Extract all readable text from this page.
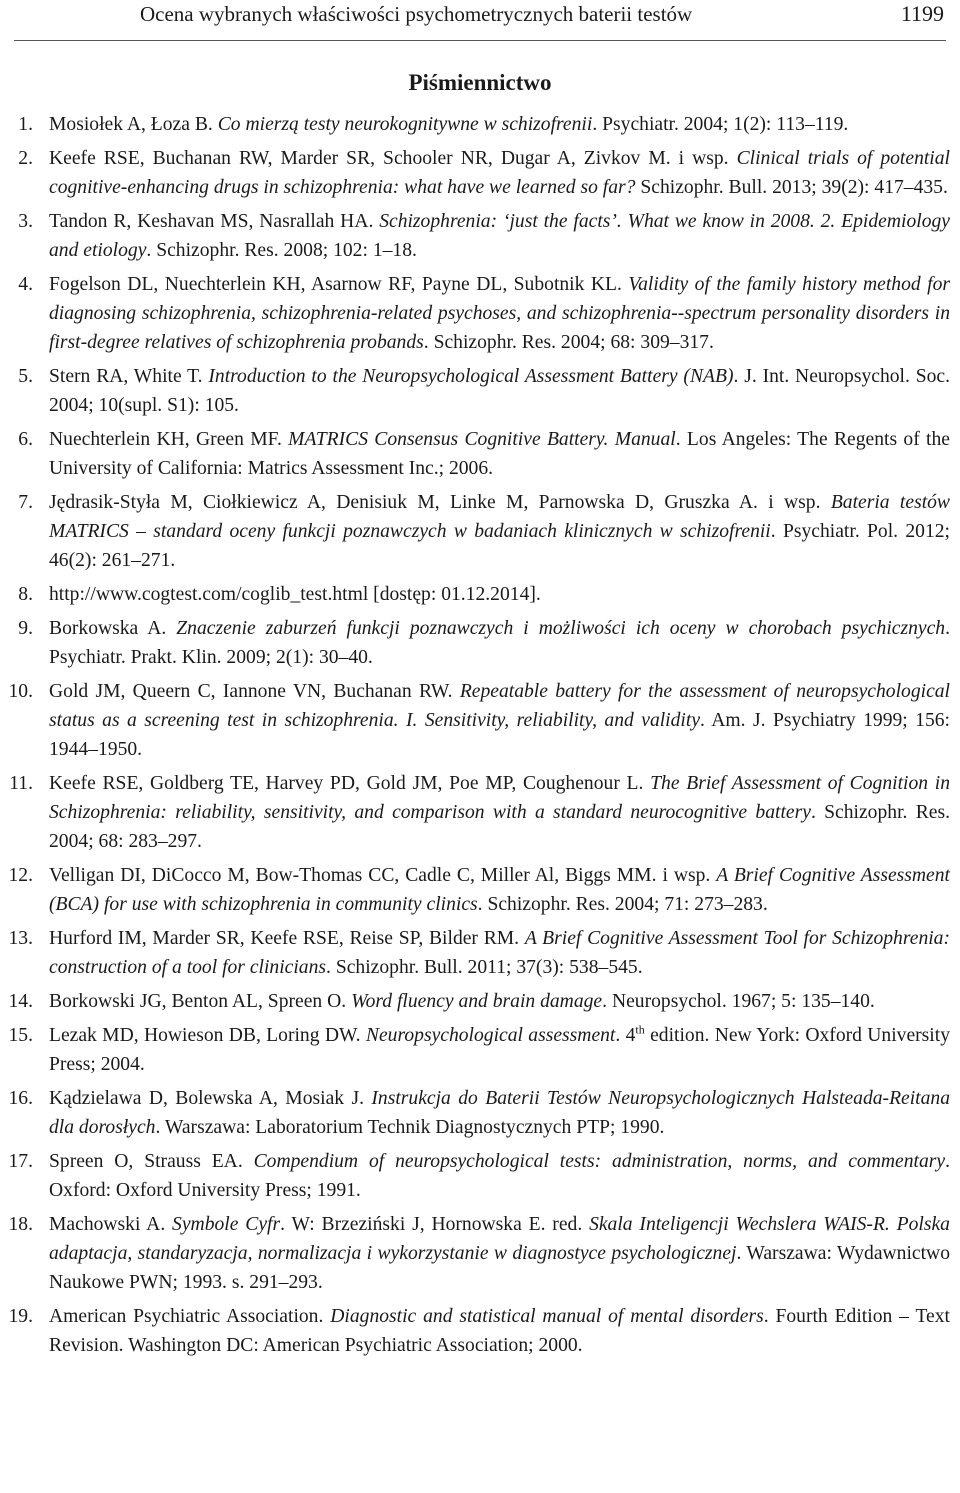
Ocena wybranych właściwości psychometrycznych baterii testów	1199
Piśmiennictwo
1. Mosiołek A, Łoza B. Co mierzą testy neurokognitywne w schizofrenii. Psychiatr. 2004; 1(2): 113–119.
2. Keefe RSE, Buchanan RW, Marder SR, Schooler NR, Dugar A, Zivkov M. i wsp. Clinical trials of potential cognitive-enhancing drugs in schizophrenia: what have we learned so far? Schizophr. Bull. 2013; 39(2): 417–435.
3. Tandon R, Keshavan MS, Nasrallah HA. Schizophrenia: ‘just the facts’. What we know in 2008. 2. Epidemiology and etiology. Schizophr. Res. 2008; 102: 1–18.
4. Fogelson DL, Nuechterlein KH, Asarnow RF, Payne DL, Subotnik KL. Validity of the family history method for diagnosing schizophrenia, schizophrenia-related psychoses, and schizophrenia--spectrum personality disorders in first-degree relatives of schizophrenia probands. Schizophr. Res. 2004; 68: 309–317.
5. Stern RA, White T. Introduction to the Neuropsychological Assessment Battery (NAB). J. Int. Neuropsychol. Soc. 2004; 10(supl. S1): 105.
6. Nuechterlein KH, Green MF. MATRICS Consensus Cognitive Battery. Manual. Los Angeles: The Regents of the University of California: Matrics Assessment Inc.; 2006.
7. Jędrasik-Styła M, Ciołkiewicz A, Denisiuk M, Linke M, Parnowska D, Gruszka A. i wsp. Bateria testów MATRICS – standard oceny funkcji poznawczych w badaniach klinicznych w schizofrenii. Psychiatr. Pol. 2012; 46(2): 261–271.
8. http://www.cogtest.com/coglib_test.html [dostęp: 01.12.2014].
9. Borkowska A. Znaczenie zaburzeń funkcji poznawczych i możliwości ich oceny w chorobach psychicznych. Psychiatr. Prakt. Klin. 2009; 2(1): 30–40.
10. Gold JM, Queern C, Iannone VN, Buchanan RW. Repeatable battery for the assessment of neuropsychological status as a screening test in schizophrenia. I. Sensitivity, reliability, and validity. Am. J. Psychiatry 1999; 156: 1944–1950.
11. Keefe RSE, Goldberg TE, Harvey PD, Gold JM, Poe MP, Coughenour L. The Brief Assessment of Cognition in Schizophrenia: reliability, sensitivity, and comparison with a standard neurocognitive battery. Schizophr. Res. 2004; 68: 283–297.
12. Velligan DI, DiCocco M, Bow-Thomas CC, Cadle C, Miller Al, Biggs MM. i wsp. A Brief Cognitive Assessment (BCA) for use with schizophrenia in community clinics. Schizophr. Res. 2004; 71: 273–283.
13. Hurford IM, Marder SR, Keefe RSE, Reise SP, Bilder RM. A Brief Cognitive Assessment Tool for Schizophrenia: construction of a tool for clinicians. Schizophr. Bull. 2011; 37(3): 538–545.
14. Borkowski JG, Benton AL, Spreen O. Word fluency and brain damage. Neuropsychol. 1967; 5: 135–140.
15. Lezak MD, Howieson DB, Loring DW. Neuropsychological assessment. 4th edition. New York: Oxford University Press; 2004.
16. Kądzielawa D, Bolewska A, Mosiak J. Instrukcja do Baterii Testów Neuropsychologicznych Halsteada-Reitana dla dorosłych. Warszawa: Laboratorium Technik Diagnostycznych PTP; 1990.
17. Spreen O, Strauss EA. Compendium of neuropsychological tests: administration, norms, and commentary. Oxford: Oxford University Press; 1991.
18. Machowski A. Symbole Cyfr. W: Brzeziński J, Hornowska E. red. Skala Inteligencji Wechslera WAIS-R. Polska adaptacja, standaryzacja, normalizacja i wykorzystanie w diagnostyce psychologicznej. Warszawa: Wydawnictwo Naukowe PWN; 1993. s. 291–293.
19. American Psychiatric Association. Diagnostic and statistical manual of mental disorders. Fourth Edition – Text Revision. Washington DC: American Psychiatric Association; 2000.
